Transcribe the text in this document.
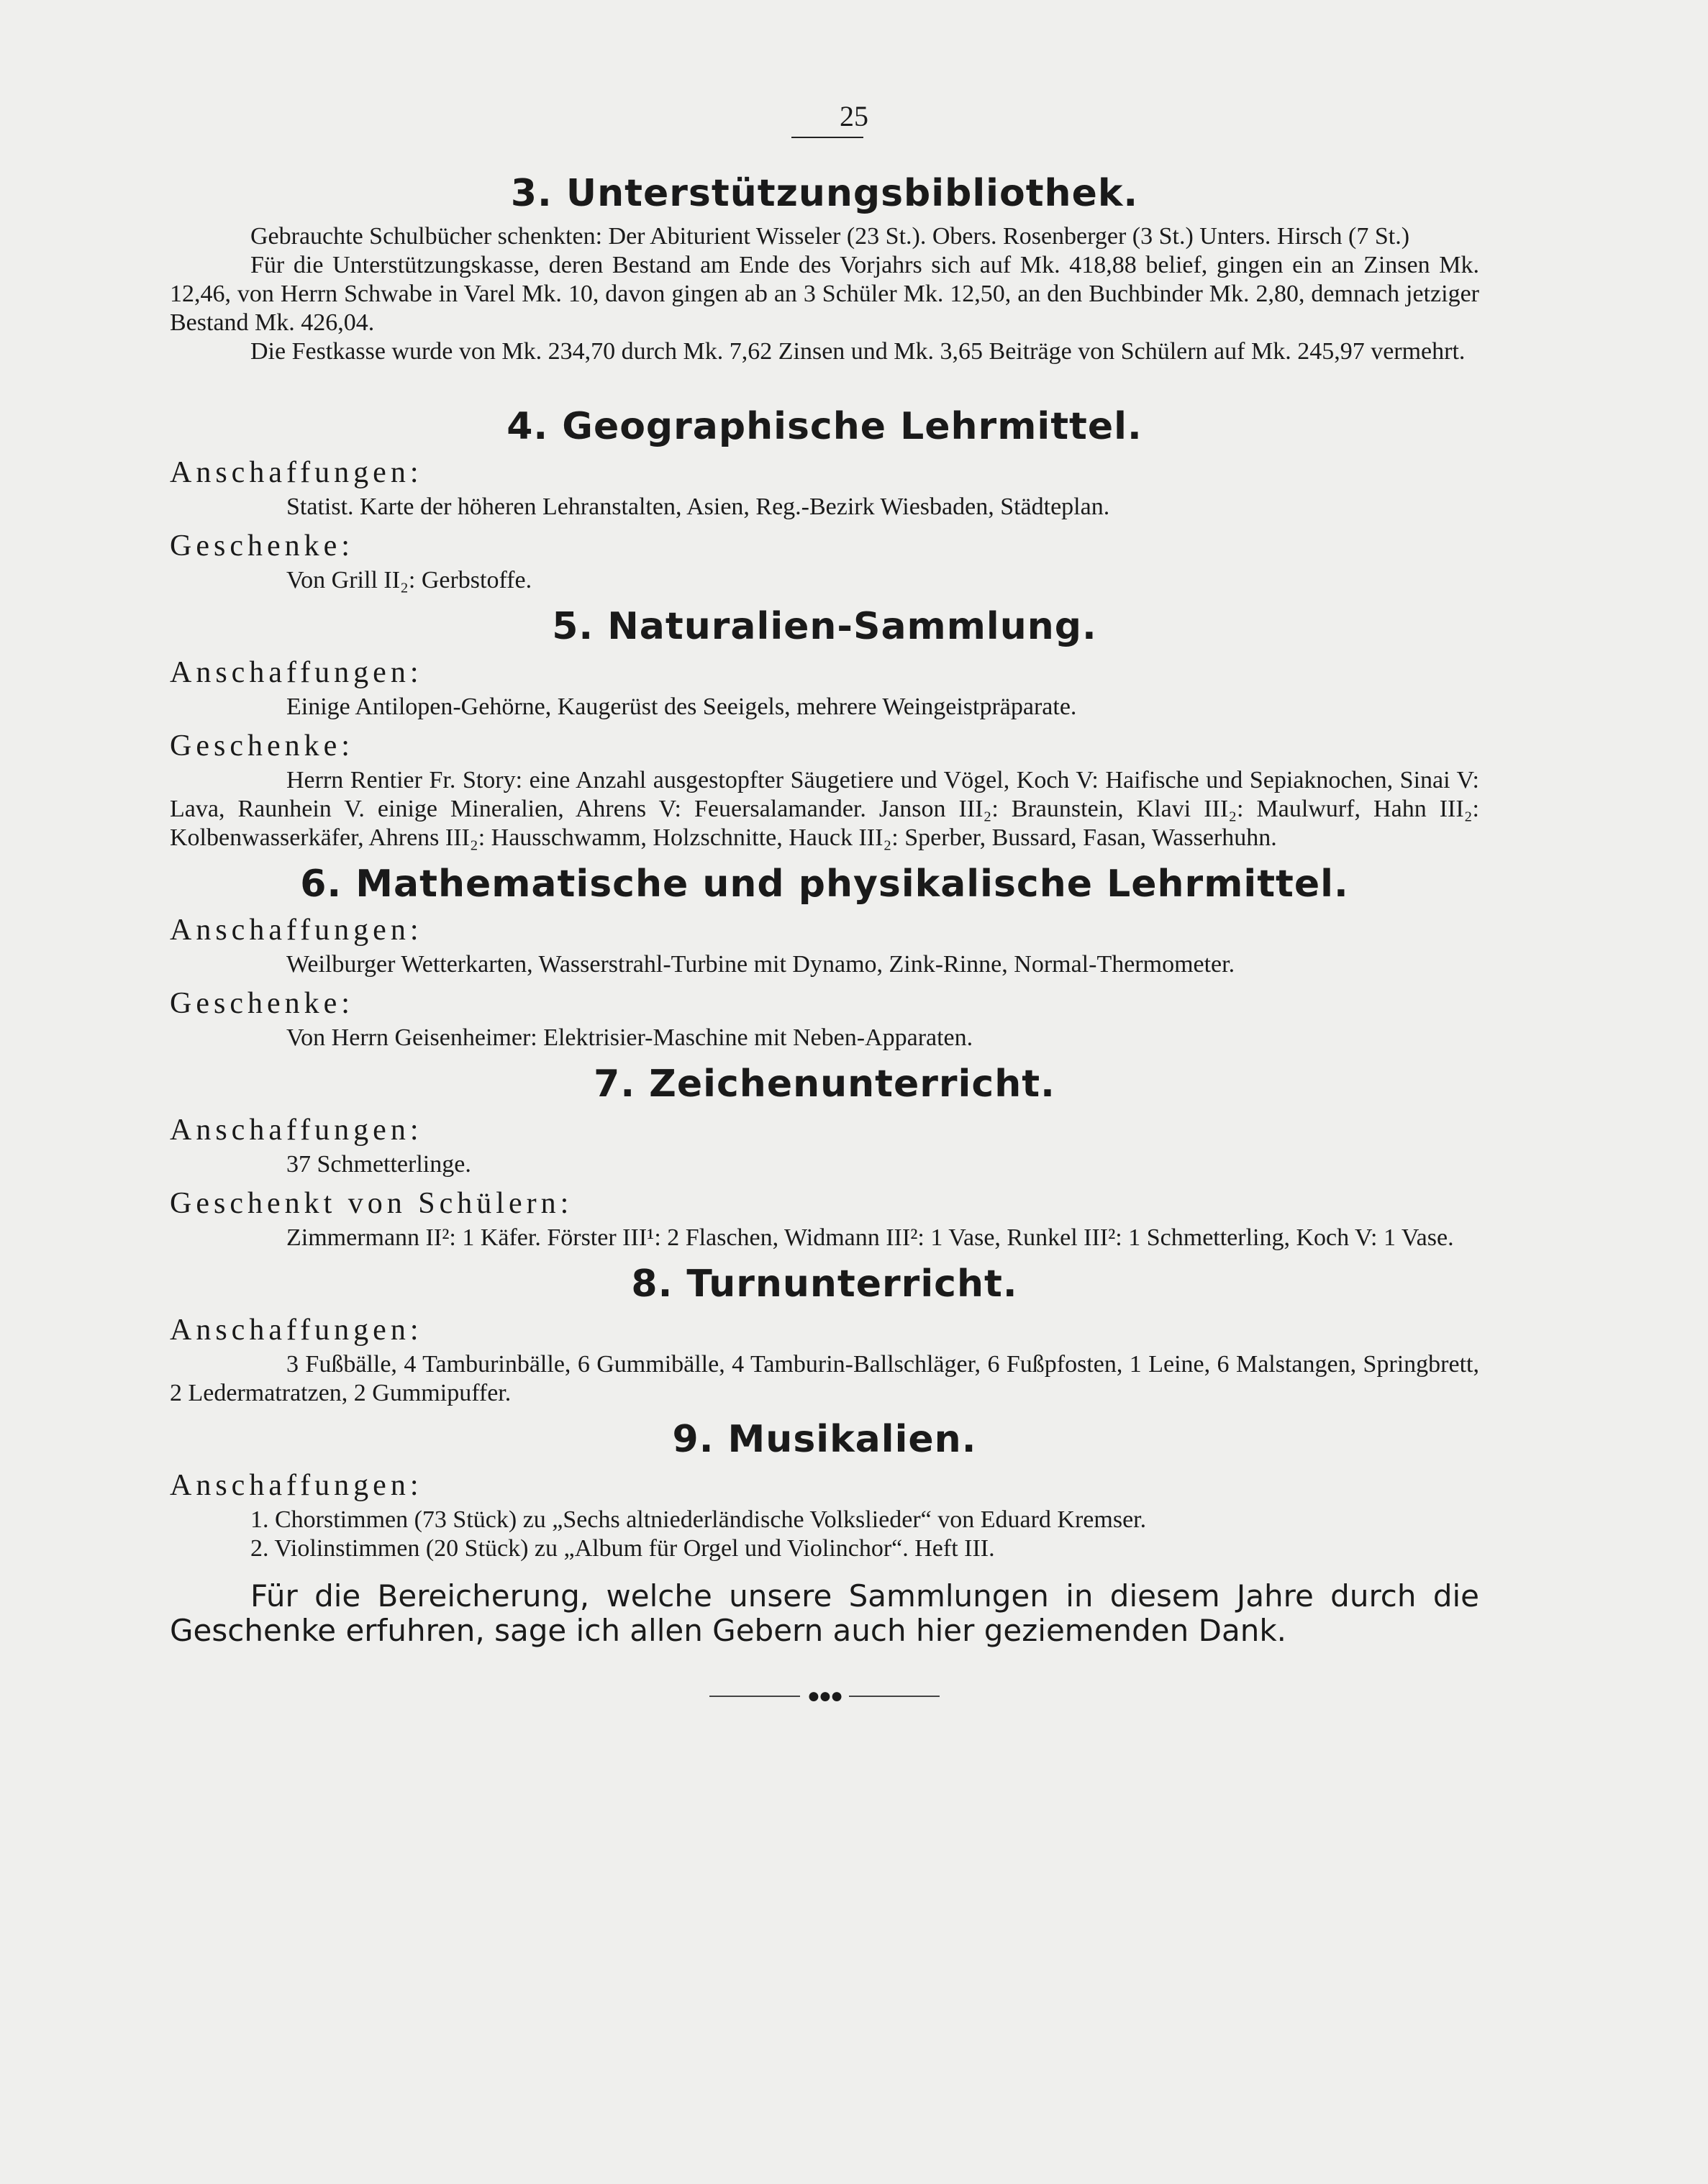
25
3. Unterstützungsbibliothek.

Gebrauchte Schulbücher schenkten: Der Abiturient Wisseler (23 St.). Obers. Rosenberger (3 St.) Unters. Hirsch (7 St.)

Für die Unterstützungskasse, deren Bestand am Ende des Vorjahrs sich auf Mk. 418,88 belief, gingen ein an Zinsen Mk. 12,46, von Herrn Schwabe in Varel Mk. 10, davon gingen ab an 3 Schüler Mk. 12,50, an den Buchbinder Mk. 2,80, demnach jetziger Bestand Mk. 426,04.

Die Festkasse wurde von Mk. 234,70 durch Mk. 7,62 Zinsen und Mk. 3,65 Beiträge von Schülern auf Mk. 245,97 vermehrt.

4. Geographische Lehrmittel.
Anschaffungen:

Statist. Karte der höheren Lehranstalten, Asien, Reg.-Bezirk Wiesbaden, Städteplan.

Geschenke:

Von Grill II₂: Gerbstoffe.

5. Naturalien-Sammlung.
Anschaffungen:

Einige Antilopen-Gehörne, Kaugerüst des Seeigels, mehrere Weingeistpräparate.

Geschenke:

Herrn Rentier Fr. Story: eine Anzahl ausgestopfter Säugetiere und Vögel, Koch V: Haifische und Sepiaknochen, Sinai V: Lava, Raunhein V. einige Mineralien, Ahrens V: Feuersalamander. Janson III₂: Braunstein, Klavi III₂: Maulwurf, Hahn III₂: Kolbenwasserkäfer, Ahrens III₂: Hausschwamm, Holzschnitte, Hauck III₂: Sperber, Bussard, Fasan, Wasserhuhn.

6. Mathematische und physikalische Lehrmittel.
Anschaffungen:

Weilburger Wetterkarten, Wasserstrahl-Turbine mit Dynamo, Zink-Rinne, Normal-Thermometer.

Geschenke:

Von Herrn Geisenheimer: Elektrisier-Maschine mit Neben-Apparaten.

7. Zeichenunterricht.
Anschaffungen:

37 Schmetterlinge.

Geschenkt von Schülern:

Zimmermann II²: 1 Käfer. Förster III¹: 2 Flaschen, Widmann III²: 1 Vase, Runkel III²: 1 Schmetterling, Koch V: 1 Vase.

8. Turnunterricht.
Anschaffungen:

3 Fußbälle, 4 Tamburinbälle, 6 Gummibälle, 4 Tamburin-Ballschläger, 6 Fußpfosten, 1 Leine, 6 Malstangen, Springbrett, 2 Ledermatratzen, 2 Gummipuffer.

9. Musikalien.
Anschaffungen:

1. Chorstimmen (73 Stück) zu „Sechs altniederländische Volkslieder“ von Eduard Kremser.

2. Violinstimmen (20 Stück) zu „Album für Orgel und Violinchor“. Heft III.

Für die Bereicherung, welche unsere Sammlungen in diesem Jahre durch die Geschenke erfuhren, sage ich allen Gebern auch hier geziemenden Dank.

●●●
